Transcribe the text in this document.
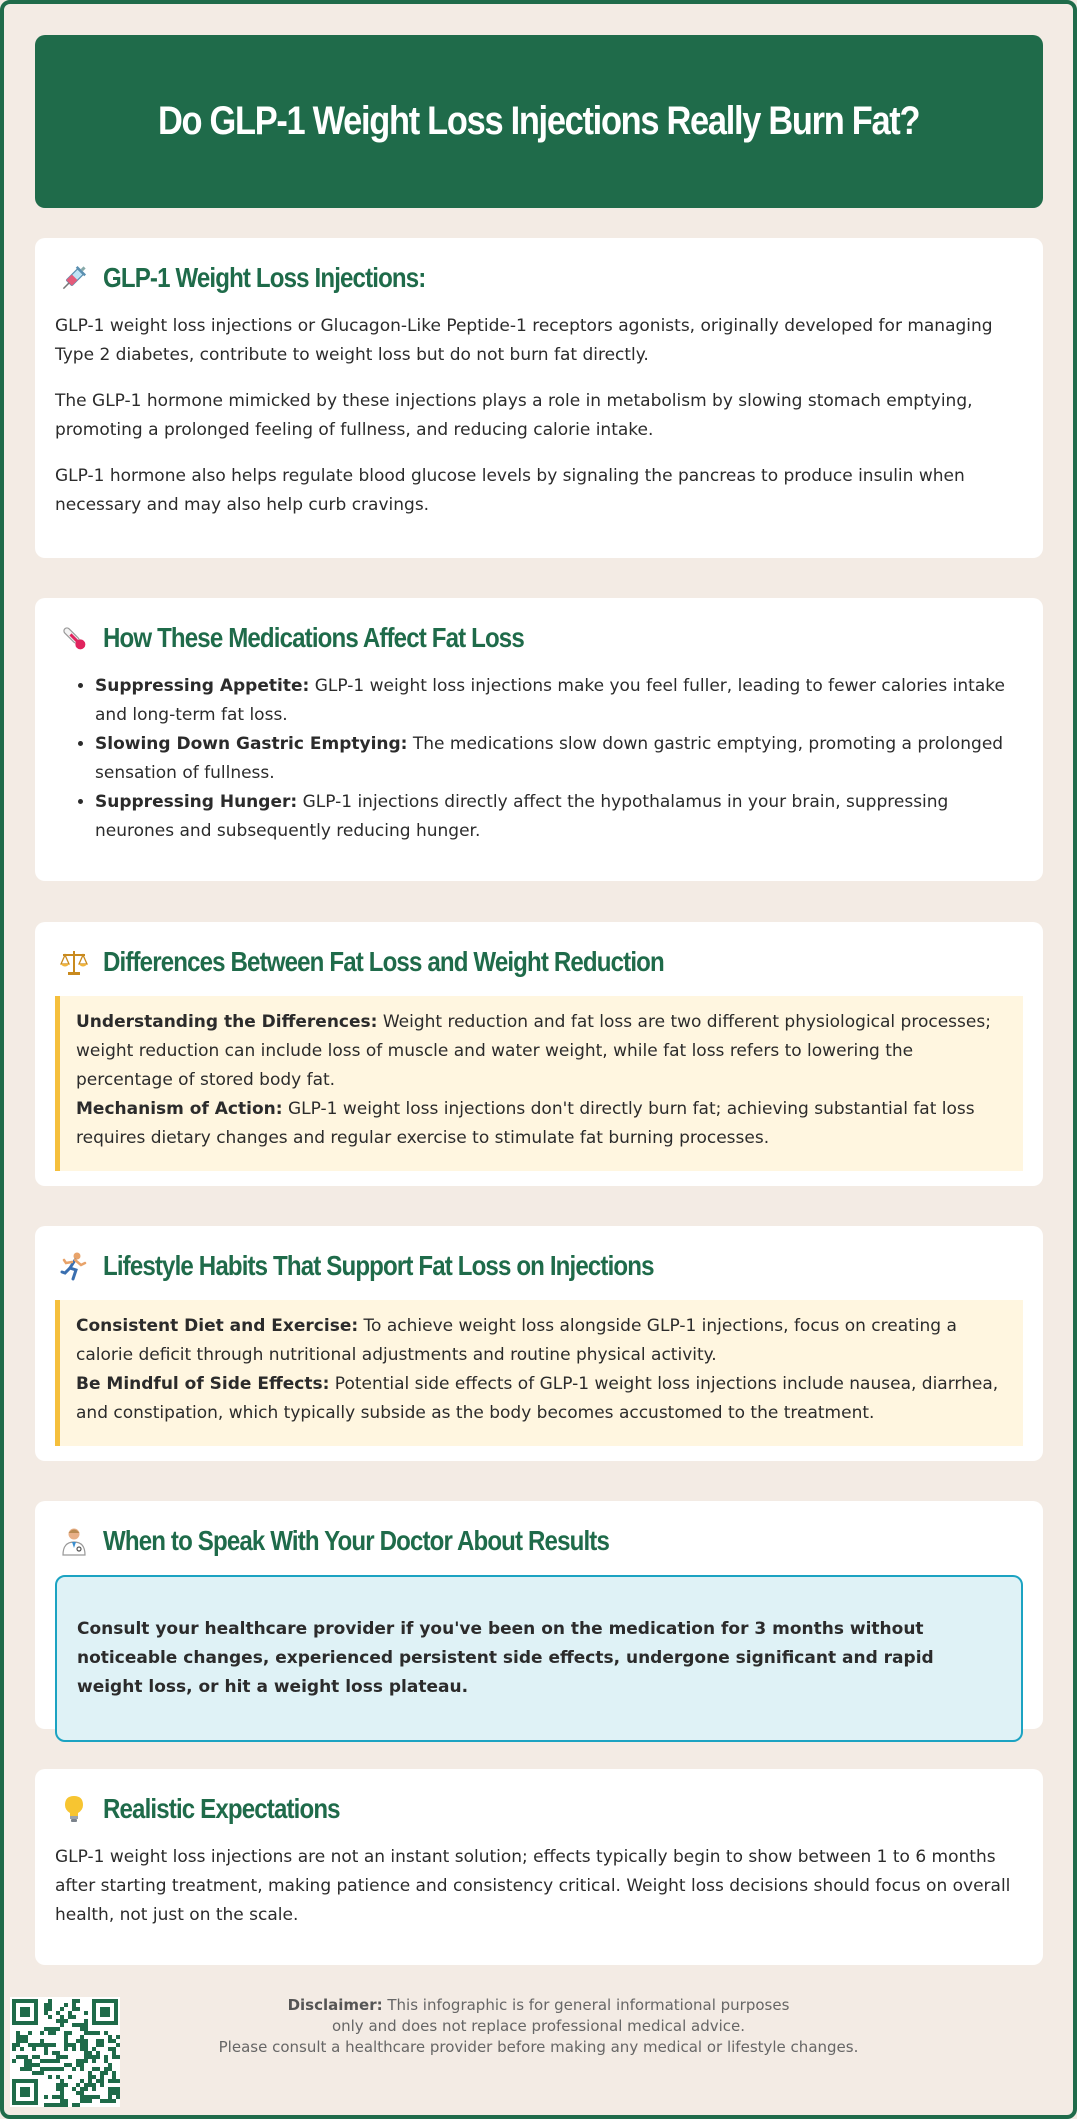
Do GLP-1 Weight Loss Injections Really Burn Fat?
GLP-1 Weight Loss Injections:

GLP-1 weight loss injections or Glucagon-Like Peptide-1 receptors agonists, originally developed for managing Type 2 diabetes, contribute to weight loss but do not burn fat directly.

The GLP-1 hormone mimicked by these injections plays a role in metabolism by slowing stomach emptying, promoting a prolonged feeling of fullness, and reducing calorie intake.

GLP-1 hormone also helps regulate blood glucose levels by signaling the pancreas to produce insulin when necessary and may also help curb cravings.

How These Medications Affect Fat Loss
• Suppressing Appetite: GLP-1 weight loss injections make you feel fuller, leading to fewer calories intake and long-term fat loss.
• Slowing Down Gastric Emptying: The medications slow down gastric emptying, promoting a prolonged sensation of fullness.
• Suppressing Hunger: GLP-1 injections directly affect the hypothalamus in your brain, suppressing neurones and subsequently reducing hunger.
Differences Between Fat Loss and Weight Reduction
Understanding the Differences: Weight reduction and fat loss are two different physiological processes; weight reduction can include loss of muscle and water weight, while fat loss refers to lowering the percentage of stored body fat.
Mechanism of Action: GLP-1 weight loss injections don't directly burn fat; achieving substantial fat loss requires dietary changes and regular exercise to stimulate fat burning processes.
Lifestyle Habits That Support Fat Loss on Injections
Consistent Diet and Exercise: To achieve weight loss alongside GLP-1 injections, focus on creating a calorie deficit through nutritional adjustments and routine physical activity.
Be Mindful of Side Effects: Potential side effects of GLP-1 weight loss injections include nausea, diarrhea, and constipation, which typically subside as the body becomes accustomed to the treatment.
When to Speak With Your Doctor About Results
Consult your healthcare provider if you've been on the medication for 3 months without noticeable changes, experienced persistent side effects, undergone significant and rapid weight loss, or hit a weight loss plateau.
Realistic Expectations

GLP-1 weight loss injections are not an instant solution; effects typically begin to show between 1 to 6 months after starting treatment, making patience and consistency critical. Weight loss decisions should focus on overall health, not just on the scale.

Disclaimer: This infographic is for general informational purposes
only and does not replace professional medical advice.
Please consult a healthcare provider before making any medical or lifestyle changes.
